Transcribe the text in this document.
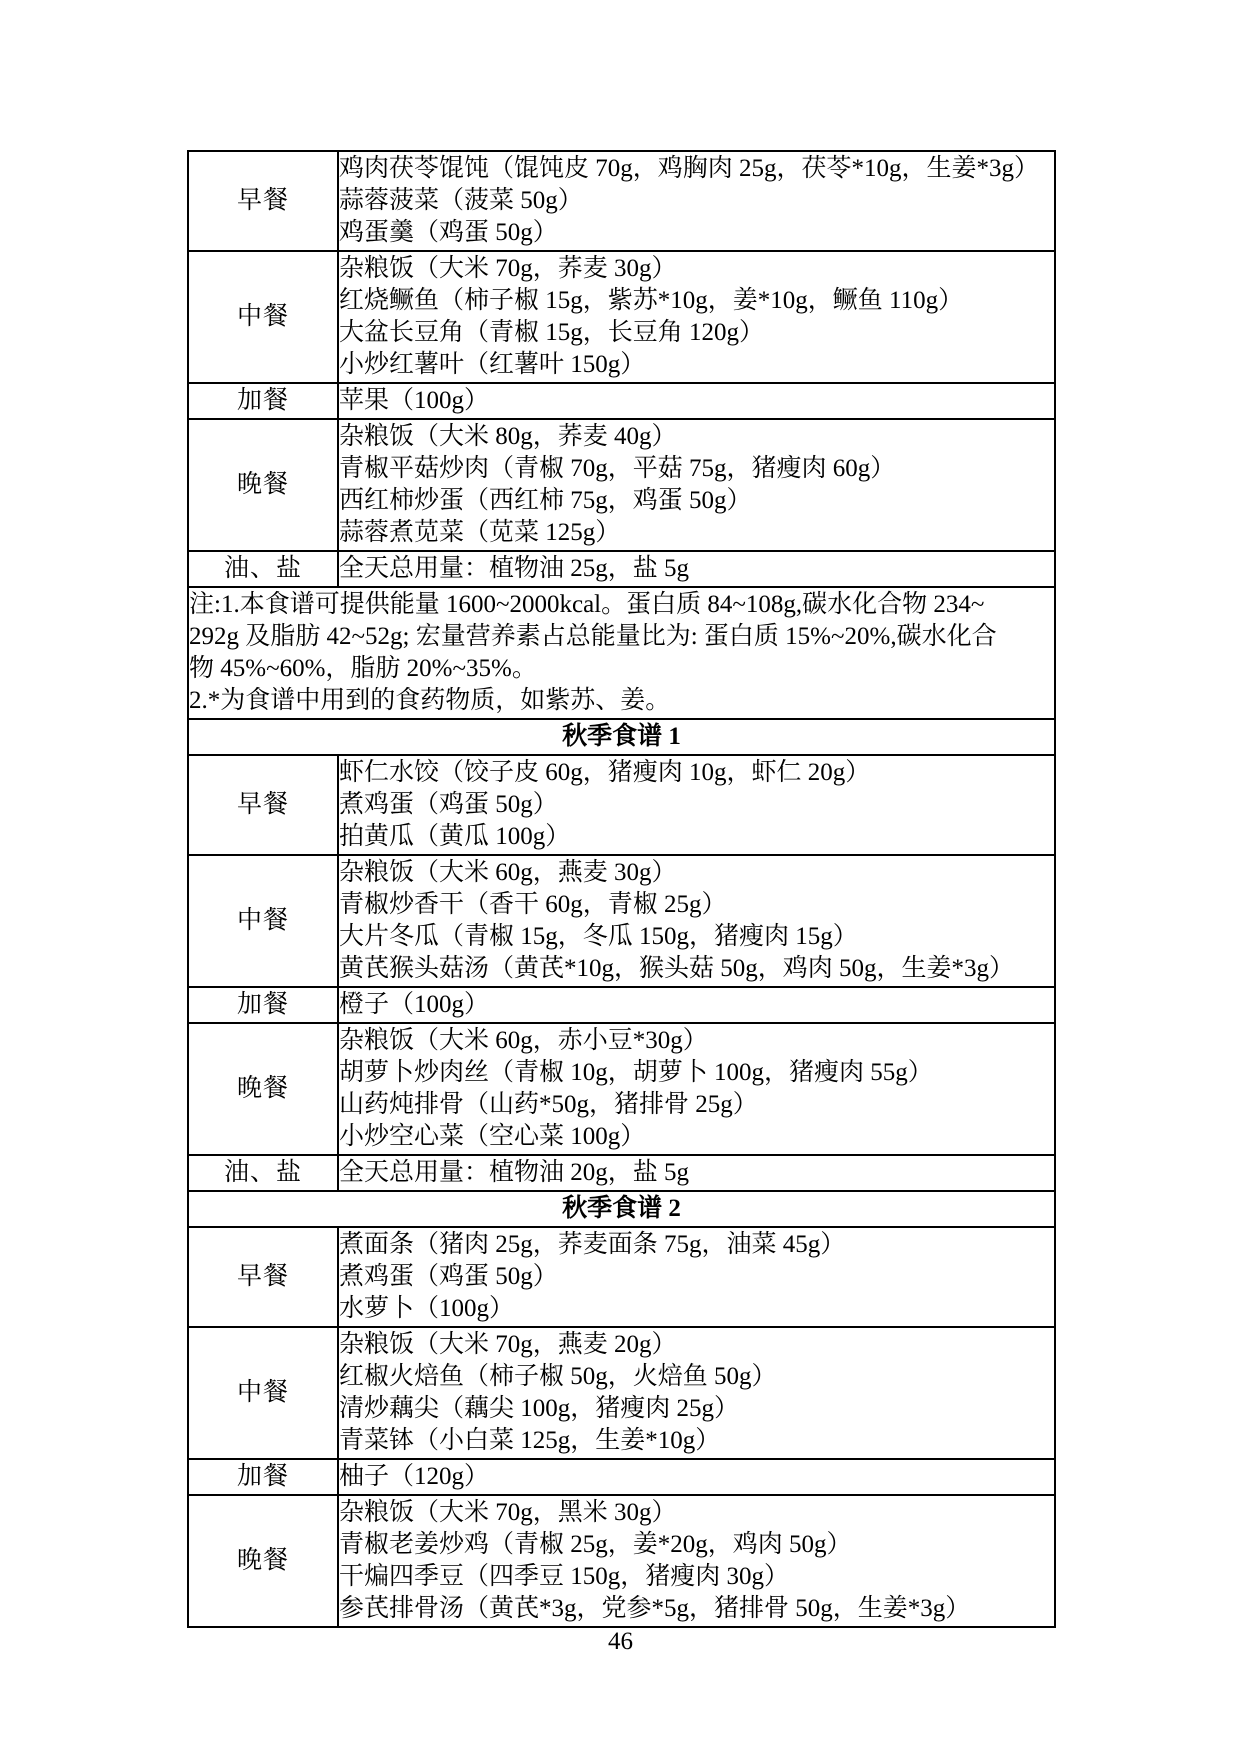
早餐	鸡肉茯苓馄饨（馄饨皮 70g，鸡胸肉 25g，茯苓*10g，生姜*3g）
蒜蓉菠菜（菠菜 50g）
鸡蛋羹（鸡蛋 50g）

中餐	杂粮饭（大米 70g，荞麦 30g）
红烧鳜鱼（柿子椒 15g，紫苏*10g，姜*10g，鳜鱼 110g）
大盆长豆角（青椒 15g，长豆角 120g）
小炒红薯叶（红薯叶 150g）

加餐	苹果（100g）

晚餐	杂粮饭（大米 80g，荞麦 40g）
青椒平菇炒肉（青椒 70g，平菇 75g，猪瘦肉 60g）
西红柿炒蛋（西红柿 75g，鸡蛋 50g）
蒜蓉煮苋菜（苋菜 125g）

油、盐	全天总用量：植物油 25g，盐 5g

注:1.本食谱可提供能量 1600~2000kcal。蛋白质 84~108g,碳水化合物 234~
292g 及脂肪 42~52g; 宏量营养素占总能量比为: 蛋白质 15%~20%,碳水化合
物 45%~60%，脂肪 20%~35%。
2.*为食谱中用到的食药物质，如紫苏、姜。	

秋季食谱 1	
早餐	虾仁水饺（饺子皮 60g，猪瘦肉 10g，虾仁 20g）
煮鸡蛋（鸡蛋 50g）
拍黄瓜（黄瓜 100g）

中餐	杂粮饭（大米 60g，燕麦 30g）
青椒炒香干（香干 60g，青椒 25g）
大片冬瓜（青椒 15g，冬瓜 150g，猪瘦肉 15g）
黄芪猴头菇汤（黄芪*10g，猴头菇 50g，鸡肉 50g，生姜*3g）

加餐	橙子（100g）

晚餐	杂粮饭（大米 60g，赤小豆*30g）
胡萝卜炒肉丝（青椒 10g，胡萝卜 100g，猪瘦肉 55g）
山药炖排骨（山药*50g，猪排骨 25g）
小炒空心菜（空心菜 100g）

油、盐	全天总用量：植物油 20g，盐 5g

秋季食谱 2	
早餐	煮面条（猪肉 25g，荞麦面条 75g，油菜 45g）
煮鸡蛋（鸡蛋 50g）
水萝卜（100g）

中餐	杂粮饭（大米 70g，燕麦 20g）
红椒火焙鱼（柿子椒 50g，火焙鱼 50g）
清炒藕尖（藕尖 100g，猪瘦肉 25g）
青菜钵（小白菜 125g，生姜*10g）

加餐	柚子（120g）

晚餐	杂粮饭（大米 70g，黑米 30g）
青椒老姜炒鸡（青椒 25g，姜*20g，鸡肉 50g）
干煸四季豆（四季豆 150g，猪瘦肉 30g）
参芪排骨汤（黄芪*3g，党参*5g，猪排骨 50g，生姜*3g）
46
